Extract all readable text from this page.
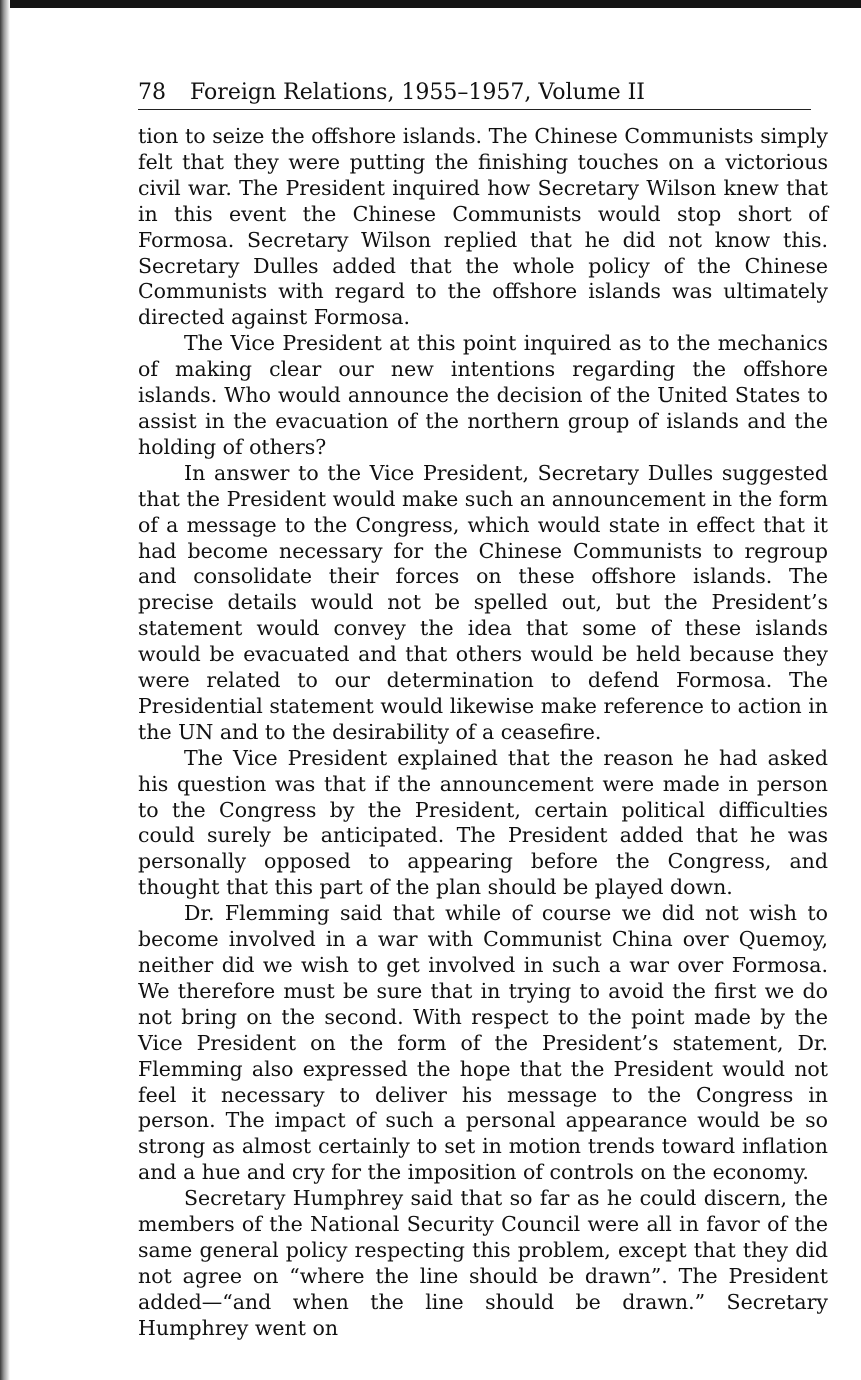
78 Foreign Relations, 1955–1957, Volume II

tion to seize the offshore islands. The Chinese Communists simply felt that they were putting the finishing touches on a victorious civil war. The President inquired how Secretary Wilson knew that in this event the Chinese Communists would stop short of Formosa. Secretary Wilson replied that he did not know this. Secretary Dulles added that the whole policy of the Chinese Communists with regard to the offshore islands was ultimately directed against Formosa.

The Vice President at this point inquired as to the mechanics of making clear our new intentions regarding the offshore islands. Who would announce the decision of the United States to assist in the evacuation of the northern group of islands and the holding of others?

In answer to the Vice President, Secretary Dulles suggested that the President would make such an announcement in the form of a message to the Congress, which would state in effect that it had become necessary for the Chinese Communists to regroup and consolidate their forces on these offshore islands. The precise details would not be spelled out, but the President’s statement would convey the idea that some of these islands would be evacuated and that others would be held because they were related to our determination to defend Formosa. The Presidential statement would likewise make reference to action in the UN and to the desirability of a ceasefire.

The Vice President explained that the reason he had asked his question was that if the announcement were made in person to the Congress by the President, certain political difficulties could surely be anticipated. The President added that he was personally opposed to appearing before the Congress, and thought that this part of the plan should be played down.

Dr. Flemming said that while of course we did not wish to become involved in a war with Communist China over Quemoy, neither did we wish to get involved in such a war over Formosa. We therefore must be sure that in trying to avoid the first we do not bring on the second. With respect to the point made by the Vice President on the form of the President’s statement, Dr. Flemming also expressed the hope that the President would not feel it necessary to deliver his message to the Congress in person. The impact of such a personal appearance would be so strong as almost certainly to set in motion trends toward inflation and a hue and cry for the imposition of controls on the economy.

Secretary Humphrey said that so far as he could discern, the members of the National Security Council were all in favor of the same general policy respecting this problem, except that they did not agree on “where the line should be drawn”. The President added—“and when the line should be drawn.” Secretary Humphrey went on
